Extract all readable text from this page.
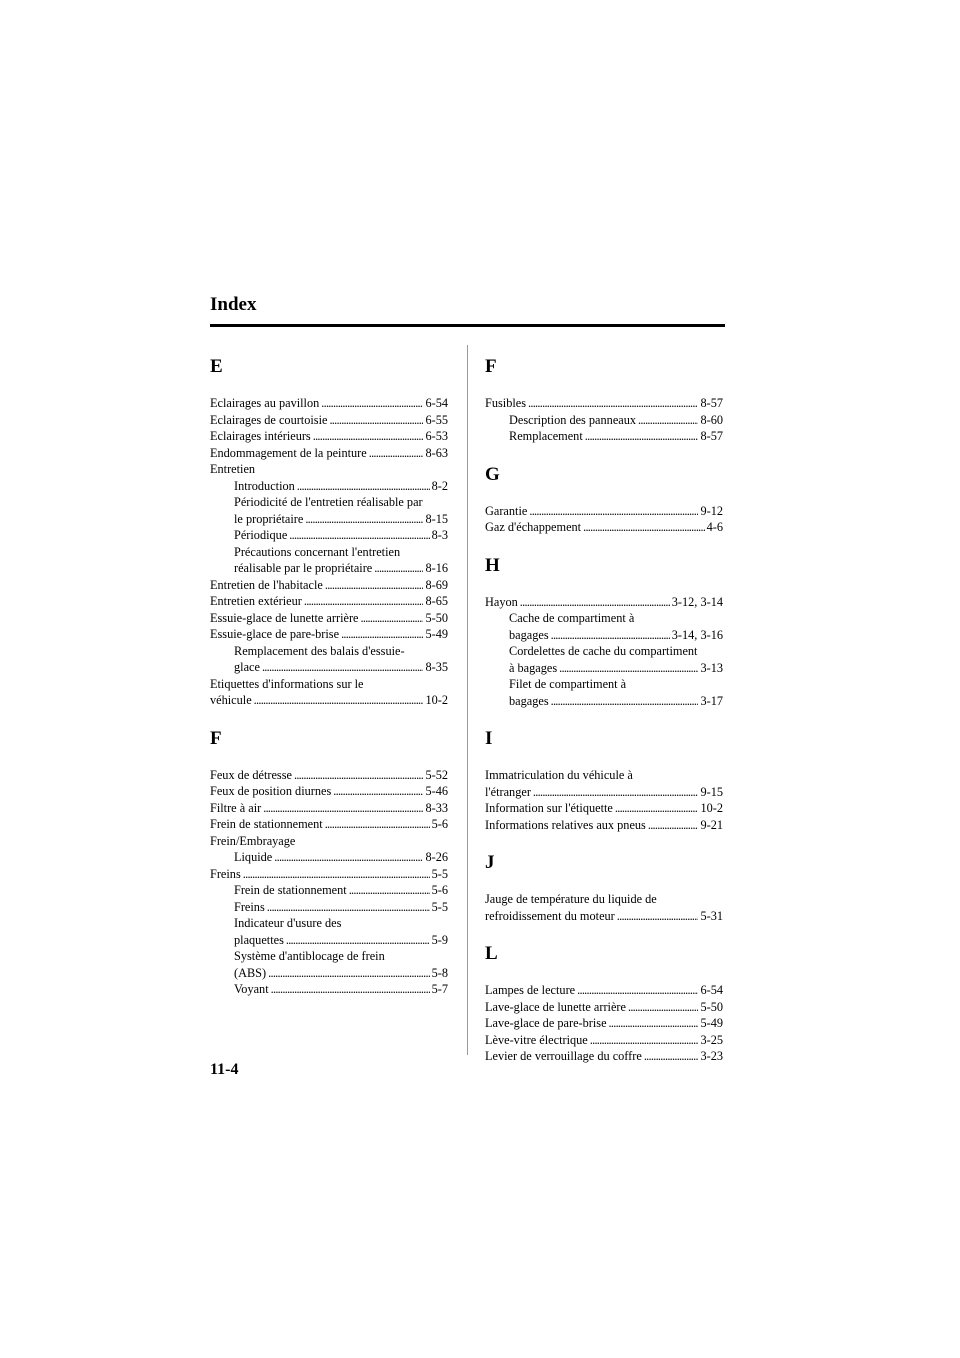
Index
E
Eclairages au pavillon . . .	6-54
Eclairages de courtoisie . . .	6-55
Eclairages intérieurs . . .	6-53
Endommagement de la peinture . . .	8-63
Entretien
Introduction . . .	8-2
Périodicité de l'entretien réalisable par
le propriétaire . . .	8-15
Périodique . . .	8-3
Précautions concernant l'entretien
réalisable par le propriétaire . . .	8-16
Entretien de l'habitacle . . .	8-69
Entretien extérieur . . .	8-65
Essuie-glace de lunette arrière . . .	5-50
Essuie-glace de pare-brise . . .	5-49
Remplacement des balais d'essuie-
glace . . .	8-35
Etiquettes d'informations sur le
véhicule . . .	10-2
F
Feux de détresse . . .	5-52
Feux de position diurnes . . .	5-46
Filtre à air . . .	8-33
Frein de stationnement . . .	5-6
Frein/Embrayage
Liquide . . .	8-26
Freins . . .	5-5
Frein de stationnement . . .	5-6
Freins . . .	5-5
Indicateur d'usure des
plaquettes . . .	5-9
Système d'antiblocage de frein
(ABS) . . .	5-8
Voyant . . .	5-7
F
Fusibles . . .	8-57
Description des panneaux . . .	8-60
Remplacement . . .	8-57
G
Garantie . . .	9-12
Gaz d'échappement . . .	4-6
H
Hayon . . .	3-12, 3-14
Cache de compartiment à
bagages . . .	3-14, 3-16
Cordelettes de cache du compartiment
à bagages . . .	3-13
Filet de compartiment à
bagages . . .	3-17
I
Immatriculation du véhicule à
l'étranger . . .	9-15
Information sur l'étiquette . . .	10-2
Informations relatives aux pneus . . .	9-21
J
Jauge de température du liquide de
refroidissement du moteur . . .	5-31
L
Lampes de lecture . . .	6-54
Lave-glace de lunette arrière . . .	5-50
Lave-glace de pare-brise . . .	5-49
Lève-vitre électrique . . .	3-25
Levier de verrouillage du coffre . . .	3-23
11-4
